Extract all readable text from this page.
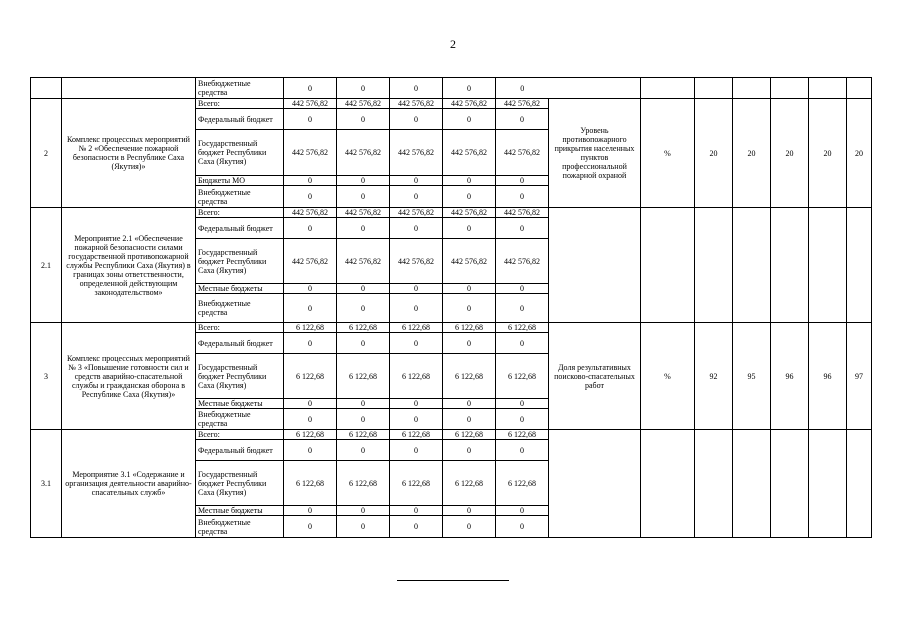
2
		Внебюджетные средства	0	0	0	0	0							
2	Комплекс процессных мероприятий № 2 «Обеспечение пожарной безопасности в Республике Саха (Якутия)»	Всего:	442 576,82	442 576,82	442 576,82	442 576,82	442 576,82	Уровень противопожарного прикрытия населенных пунктов профессиональной пожарной охраной	%	20	20	20	20	20
		Федеральный бюджет	0	0	0	0	0							
		Государственный бюджет Республики Саха (Якутия)	442 576,82	442 576,82	442 576,82	442 576,82	442 576,82							
		Бюджеты МО	0	0	0	0	0							
		Внебюджетные средства	0	0	0	0	0							

2.1	Мероприятие 2.1 «Обеспечение пожарной безопасности силами государственной противопожарной службы Республики Саха (Якутия) в границах зоны ответственности, определенной действующим законодательством»	Всего:	442 576,82	442 576,82	442 576,82	442 576,82	442 576,82							
		Федеральный бюджет	0	0	0	0	0							
		Государственный бюджет Республики Саха (Якутия)	442 576,82	442 576,82	442 576,82	442 576,82	442 576,82							
		Местные бюджеты	0	0	0	0	0							
		Внебюджетные средства	0	0	0	0	0							
3	Комплекс процессных мероприятий № 3 «Повышение готовности сил и средств аварийно-спасательной службы и гражданская оборона в Республике Саха (Якутия)»	Всего:	6 122,68	6 122,68	6 122,68	6 122,68	6 122,68	Доля результативных поисково-спасательных работ	%	92	95	96	96	97
		Федеральный бюджет	0	0	0	0	0							
		Государственный бюджет Республики Саха (Якутия)	6 122,68	6 122,68	6 122,68	6 122,68	6 122,68							
		Местные бюджеты	0	0	0	0	0							
		Внебюджетные средства	0	0	0	0	0							
3.1	Мероприятие 3.1 «Содержание и организация деятельности аварийно-спасательных служб»	Всего:	6 122,68	6 122,68	6 122,68	6 122,68	6 122,68							
		Федеральный бюджет	0	0	0	0	0							
		Государственный бюджет Республики Саха (Якутия)	6 122,68	6 122,68	6 122,68	6 122,68	6 122,68							
		Местные бюджеты	0	0	0	0	0							
		Внебюджетные средства	0	0	0	0	0							
